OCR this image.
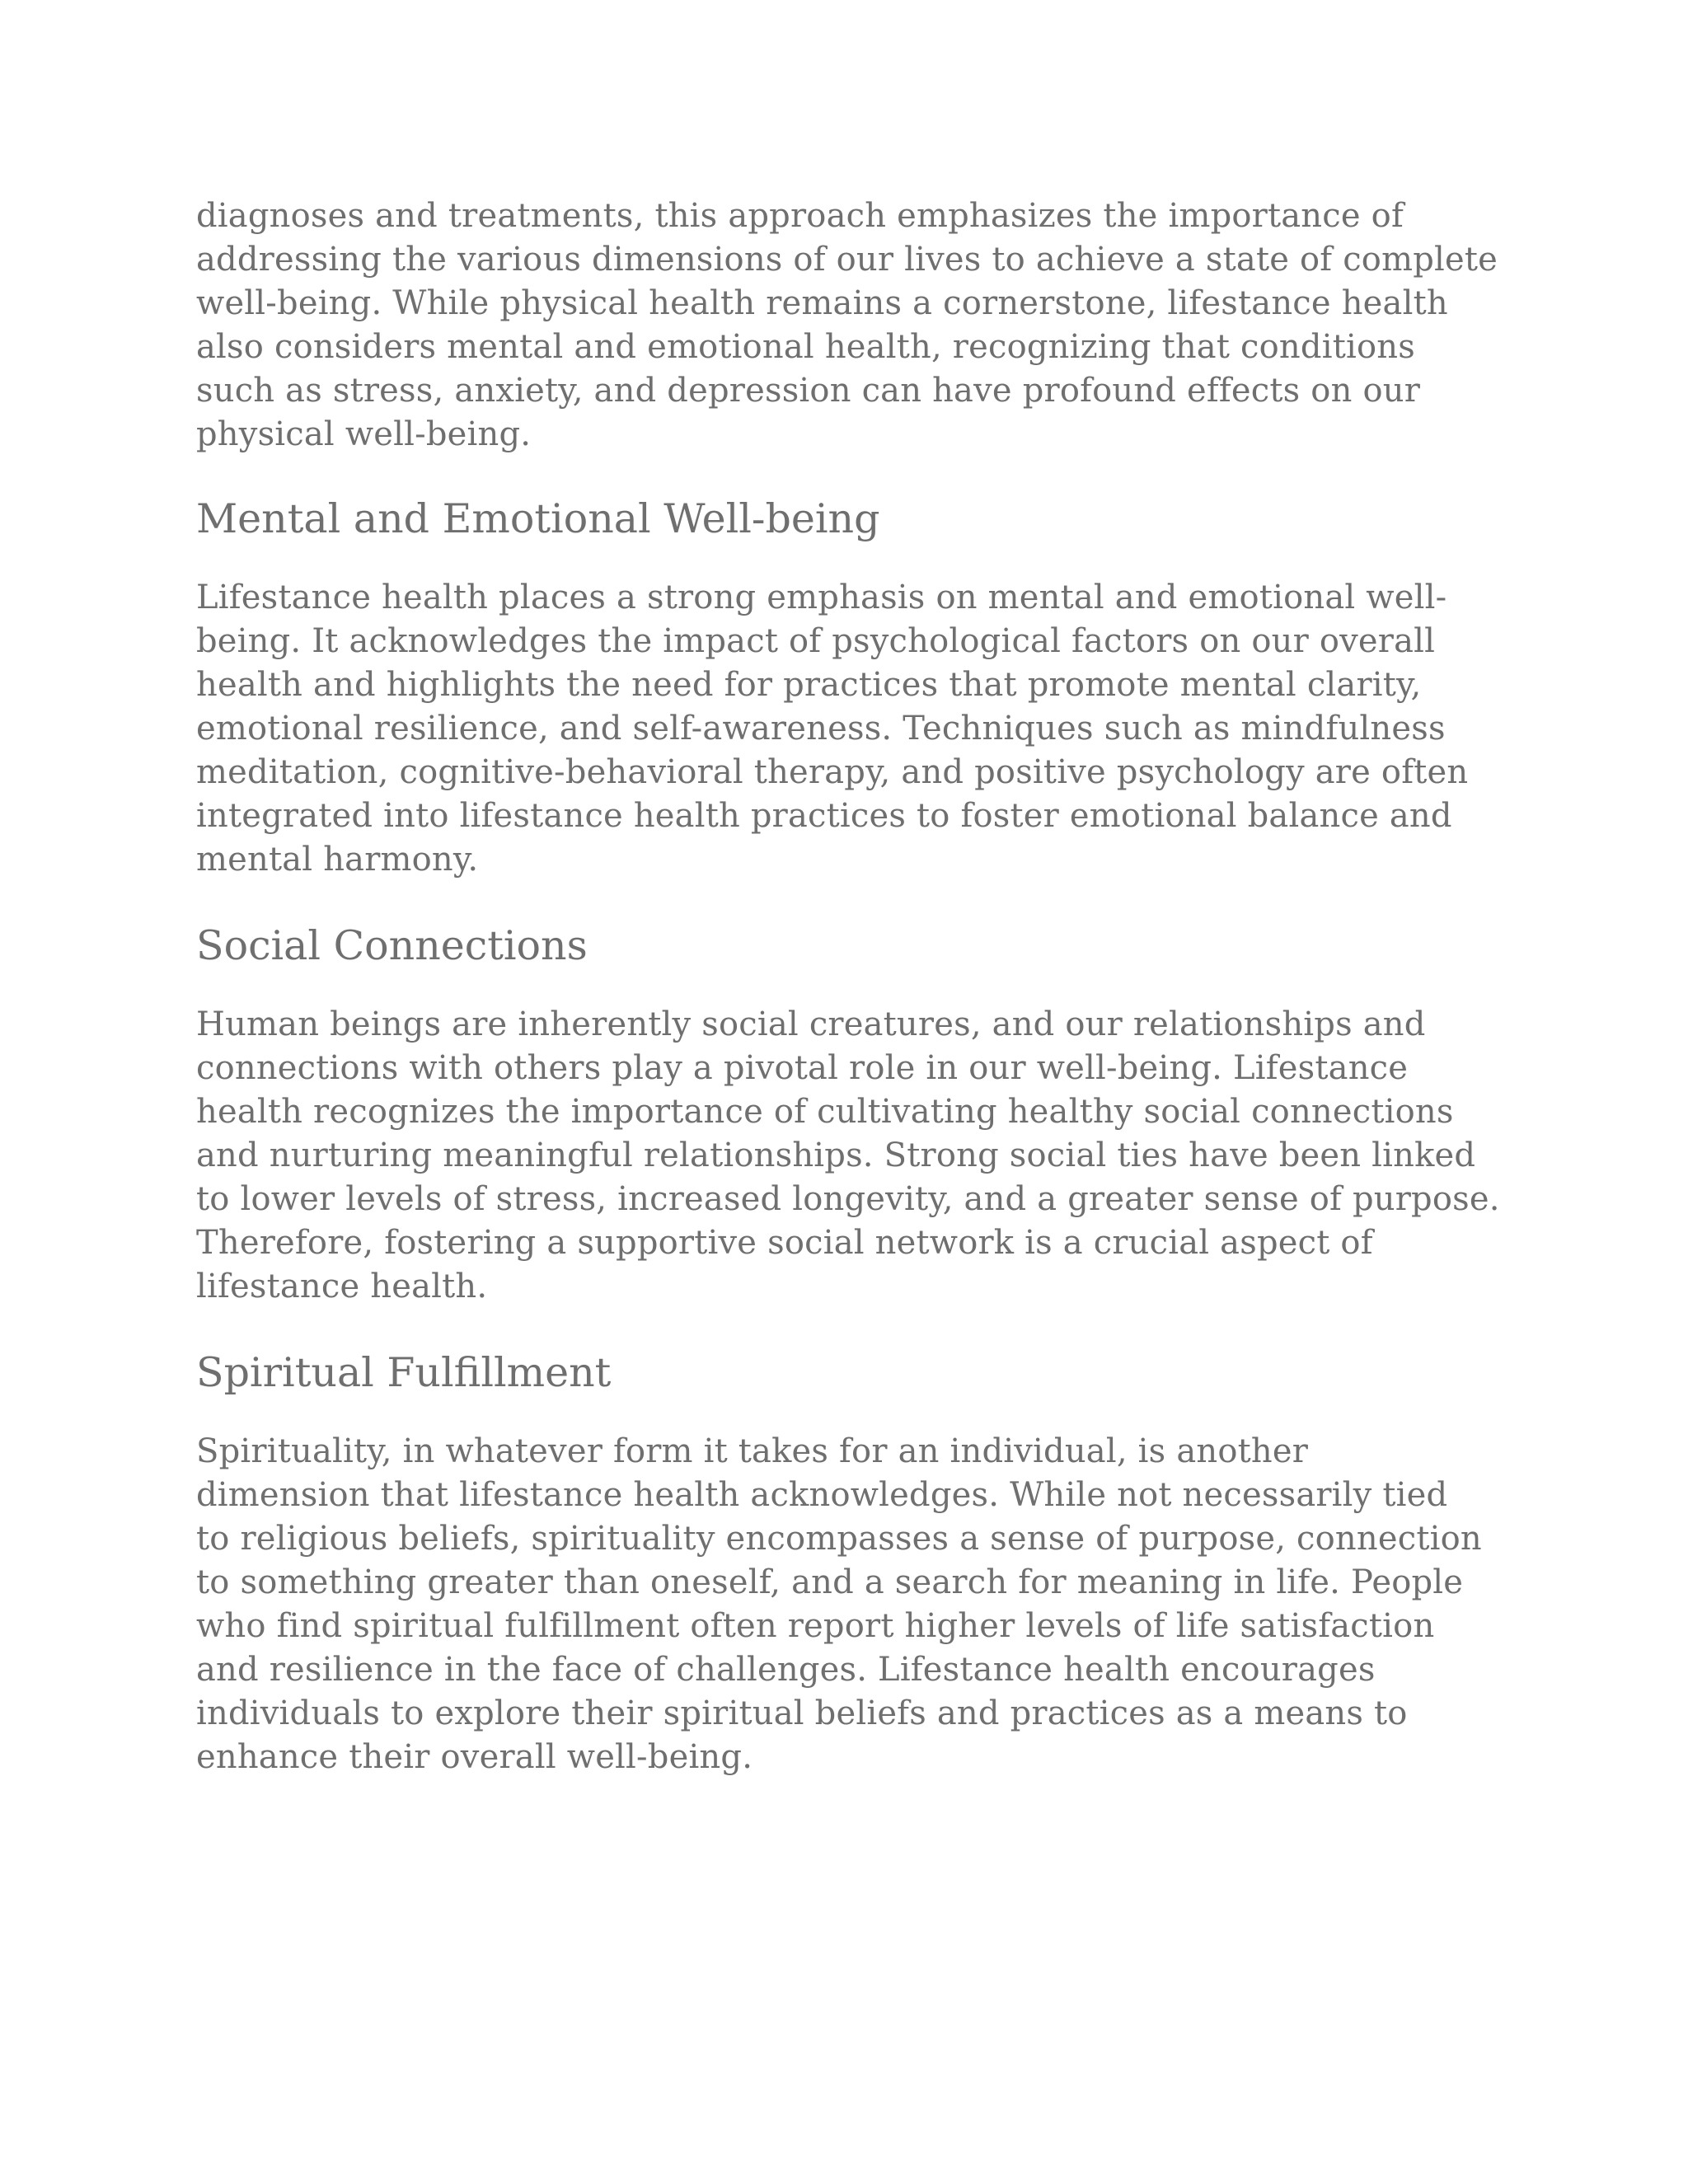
diagnoses and treatments, this approach emphasizes the importance of
addressing the various dimensions of our lives to achieve a state of complete
well-being. While physical health remains a cornerstone, lifestance health
also considers mental and emotional health, recognizing that conditions
such as stress, anxiety, and depression can have profound effects on our
physical well-being.

Mental and Emotional Well-being

Lifestance health places a strong emphasis on mental and emotional well-
being. It acknowledges the impact of psychological factors on our overall
health and highlights the need for practices that promote mental clarity,
emotional resilience, and self-awareness. Techniques such as mindfulness
meditation, cognitive-behavioral therapy, and positive psychology are often
integrated into lifestance health practices to foster emotional balance and
mental harmony.

Social Connections

Human beings are inherently social creatures, and our relationships and
connections with others play a pivotal role in our well-being. Lifestance
health recognizes the importance of cultivating healthy social connections
and nurturing meaningful relationships. Strong social ties have been linked
to lower levels of stress, increased longevity, and a greater sense of purpose.
Therefore, fostering a supportive social network is a crucial aspect of
lifestance health.

Spiritual Fulfillment

Spirituality, in whatever form it takes for an individual, is another
dimension that lifestance health acknowledges. While not necessarily tied
to religious beliefs, spirituality encompasses a sense of purpose, connection
to something greater than oneself, and a search for meaning in life. People
who find spiritual fulfillment often report higher levels of life satisfaction
and resilience in the face of challenges. Lifestance health encourages
individuals to explore their spiritual beliefs and practices as a means to
enhance their overall well-being.
